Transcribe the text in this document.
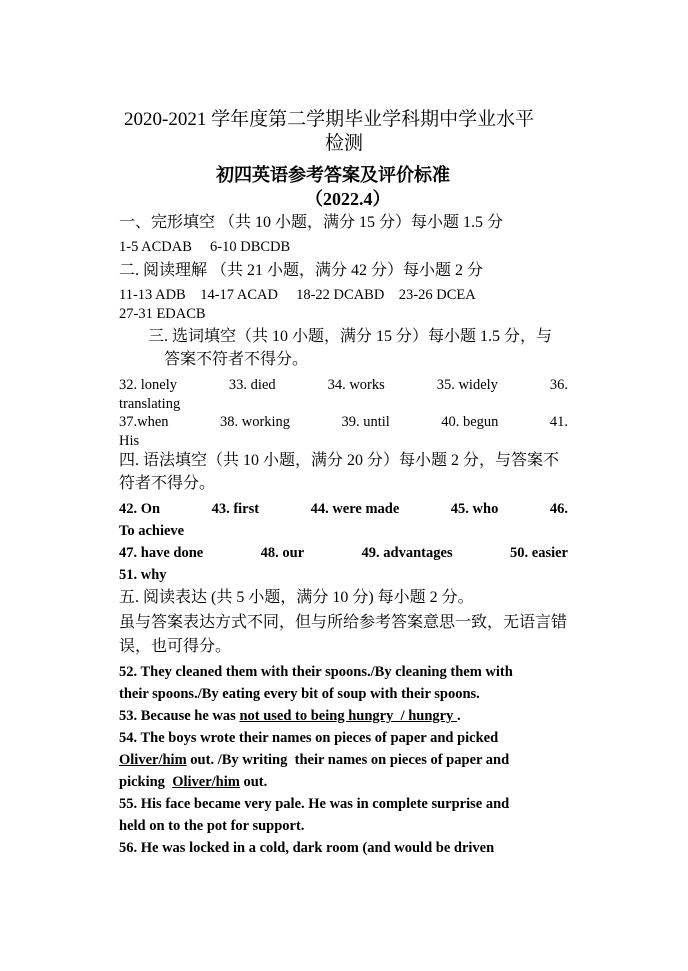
2020-2021 学年度第二学期毕业学科期中学业水平
检测
初四英语参考答案及评价标准
（2022.4）
一、完形填空 （共 10 小题，满分 15 分）每小题 1.5 分
1-5 ACDAB     6-10 DBCDB
二. 阅读理解 （共 21 小题，满分 42 分）每小题 2 分
11-13 ADB    14-17 ACAD     18-22 DCABD    23-26 DCEA
27-31 EDACB
三. 选词填空（共 10 小题，满分 15 分）每小题 1.5 分，与
答案不符者不得分。
32. lonely	33. died	34. works	35. widely	36.
translating
37.when	38. working	39. until	40. begun	41.
His
四. 语法填空（共 10 小题，满分 20 分）每小题 2 分，与答案不
符者不得分。
42. On	43. first	44. were made	45. who	46.
To achieve
47. have done	48. our	49. advantages	50. easier
51. why
五. 阅读表达 (共 5 小题，满分 10 分) 每小题 2 分。
虽与答案表达方式不同，但与所给参考答案意思一致，无语言错
误，也可得分。
52. They cleaned them with their spoons./By cleaning them with
their spoons./By eating every bit of soup with their spoons.
53. Because he was not used to being hungry  / hungry .
54. The boys wrote their names on pieces of paper and picked
Oliver/him out. /By writing  their names on pieces of paper and
picking  Oliver/him out.
55. His face became very pale. He was in complete surprise and
held on to the pot for support.
56. He was locked in a cold, dark room (and would be driven
